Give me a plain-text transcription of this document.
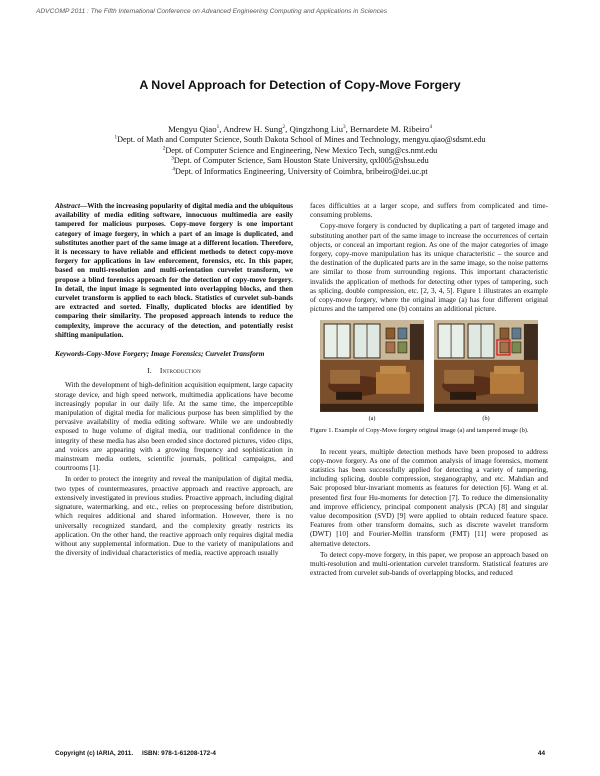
ADVCOMP 2011 : The Fifth International Conference on Advanced Engineering Computing and Applications in Sciences
A Novel Approach for Detection of Copy-Move Forgery
Mengyu Qiao$^1$, Andrew H. Sung$^2$, Qingzhong Liu$^3$, Bernardete M. Ribeiro$^4$
$^1$Dept. of Math and Computer Science, South Dakota School of Mines and Technology, mengyu.qiao@sdsmt.edu
$^2$Dept. of Computer Science and Engineering, New Mexico Tech, sung@cs.nmt.edu
$^3$Dept. of Computer Science, Sam Houston State University, qxl005@shsu.edu
$^4$Dept. of Informatics Engineering, University of Coimbra, bribeiro@dei.uc.pt

Abstract—With the increasing popularity of digital media and the ubiquitous availability of media editing software, innocuous multimedia are easily tampered for malicious purposes. Copy-move forgery is one important category of image forgery, in which a part of an image is duplicated, and substitutes another part of the same image at a different location. Therefore, it is necessary to have reliable and efficient methods to detect copy-move forgery for applications in law enforcement, forensics, etc. In this paper, based on multi-resolution and multi-orientation curvelet transform, we propose a blind forensics approach for the detection of copy-move forgery. In detail, the input image is segmented into overlapping blocks, and then curvelet transform is applied to each block. Statistics of curvelet sub-bands are extracted and sorted. Finally, duplicated blocks are identified by comparing their similarity. The proposed approach intends to reduce the complexity, improve the accuracy of the detection, and potentially resist shifting manipulation.

Keywords-Copy-Move Forgery; Image Forensics; Curvelet Transform

I. Introduction

With the development of high-definition acquisition equipment, large capacity storage device, and high speed network, multimedia applications have become increasingly popular in our daily life. At the same time, the imperceptible manipulation of digital media for malicious purpose has been simplified by the pervasive availability of media editing software. While we are undoubtedly exposed to huge volume of digital media, our traditional confidence in the integrity of these media has also been eroded since doctored pictures, video clips, and voices are appearing with a growing frequency and sophistication in mainstream media outlets, scientific journals, political campaigns, and courtrooms [1].

In order to protect the integrity and reveal the manipulation of digital media, two types of countermeasures, proactive approach and reactive approach, are extensively investigated in previous studies. Proactive approach, including digital signature, watermarking, and etc., relies on preprocessing before distribution, which requires additional and shared information. However, there is no universally recognized standard, and the complexity greatly restricts its application. On the other hand, the reactive approach only requires digital media without any supplemental information. Due to the variety of manipulations and the diversity of individual characteristics of media, reactive approach usually

faces difficulties at a larger scope, and suffers from complicated and time-consuming problems.

Copy-move forgery is conducted by duplicating a part of targeted image and substituting another part of the same image to increase the occurrences of certain objects, or conceal an important region. As one of the major categories of image forgery, copy-move manipulation has its unique characteristic – the source and the destination of the duplicated parts are in the same image, so the noise patterns are similar to those from surrounding regions. This important characteristic invalids the application of methods for detecting other types of tampering, such as splicing, double compression, etc. [2, 3, 4, 5]. Figure 1 illustrates an example of copy-move forgery, where the original image (a) has four different original pictures and the tampered one (b) contains an additional picture.

(a)	(b)
Figure 1. Example of Copy-Move forgery original image (a) and tampered image (b).

In recent years, multiple detection methods have been proposed to address copy-move forgery. As one of the common analysis of image forensics, moment statistics has been successfully applied for detecting a variety of tampering, including splicing, double compression, steganography, and etc. Mahdian and Saic proposed blur-invariant moments as features for detection [6]. Wang et al. presented first four Hu-moments for detection [7]. To reduce the dimensionality and improve efficiency, principal component analysis (PCA) [8] and singular value decomposition (SVD) [9] were applied to obtain reduced feature space. Features from other transform domains, such as discrete wavelet transform (DWT) [10] and Fourier-Mellin transform (FMT) [11] were proposed as alternative detectors.

To detect copy-move forgery, in this paper, we propose an approach based on multi-resolution and multi-orientation curvelet transform. Statistical features are extracted from curvelet sub-bands of overlapping blocks, and reduced

Copyright (c) IARIA, 2011.     ISBN: 978-1-61208-172-4	44
